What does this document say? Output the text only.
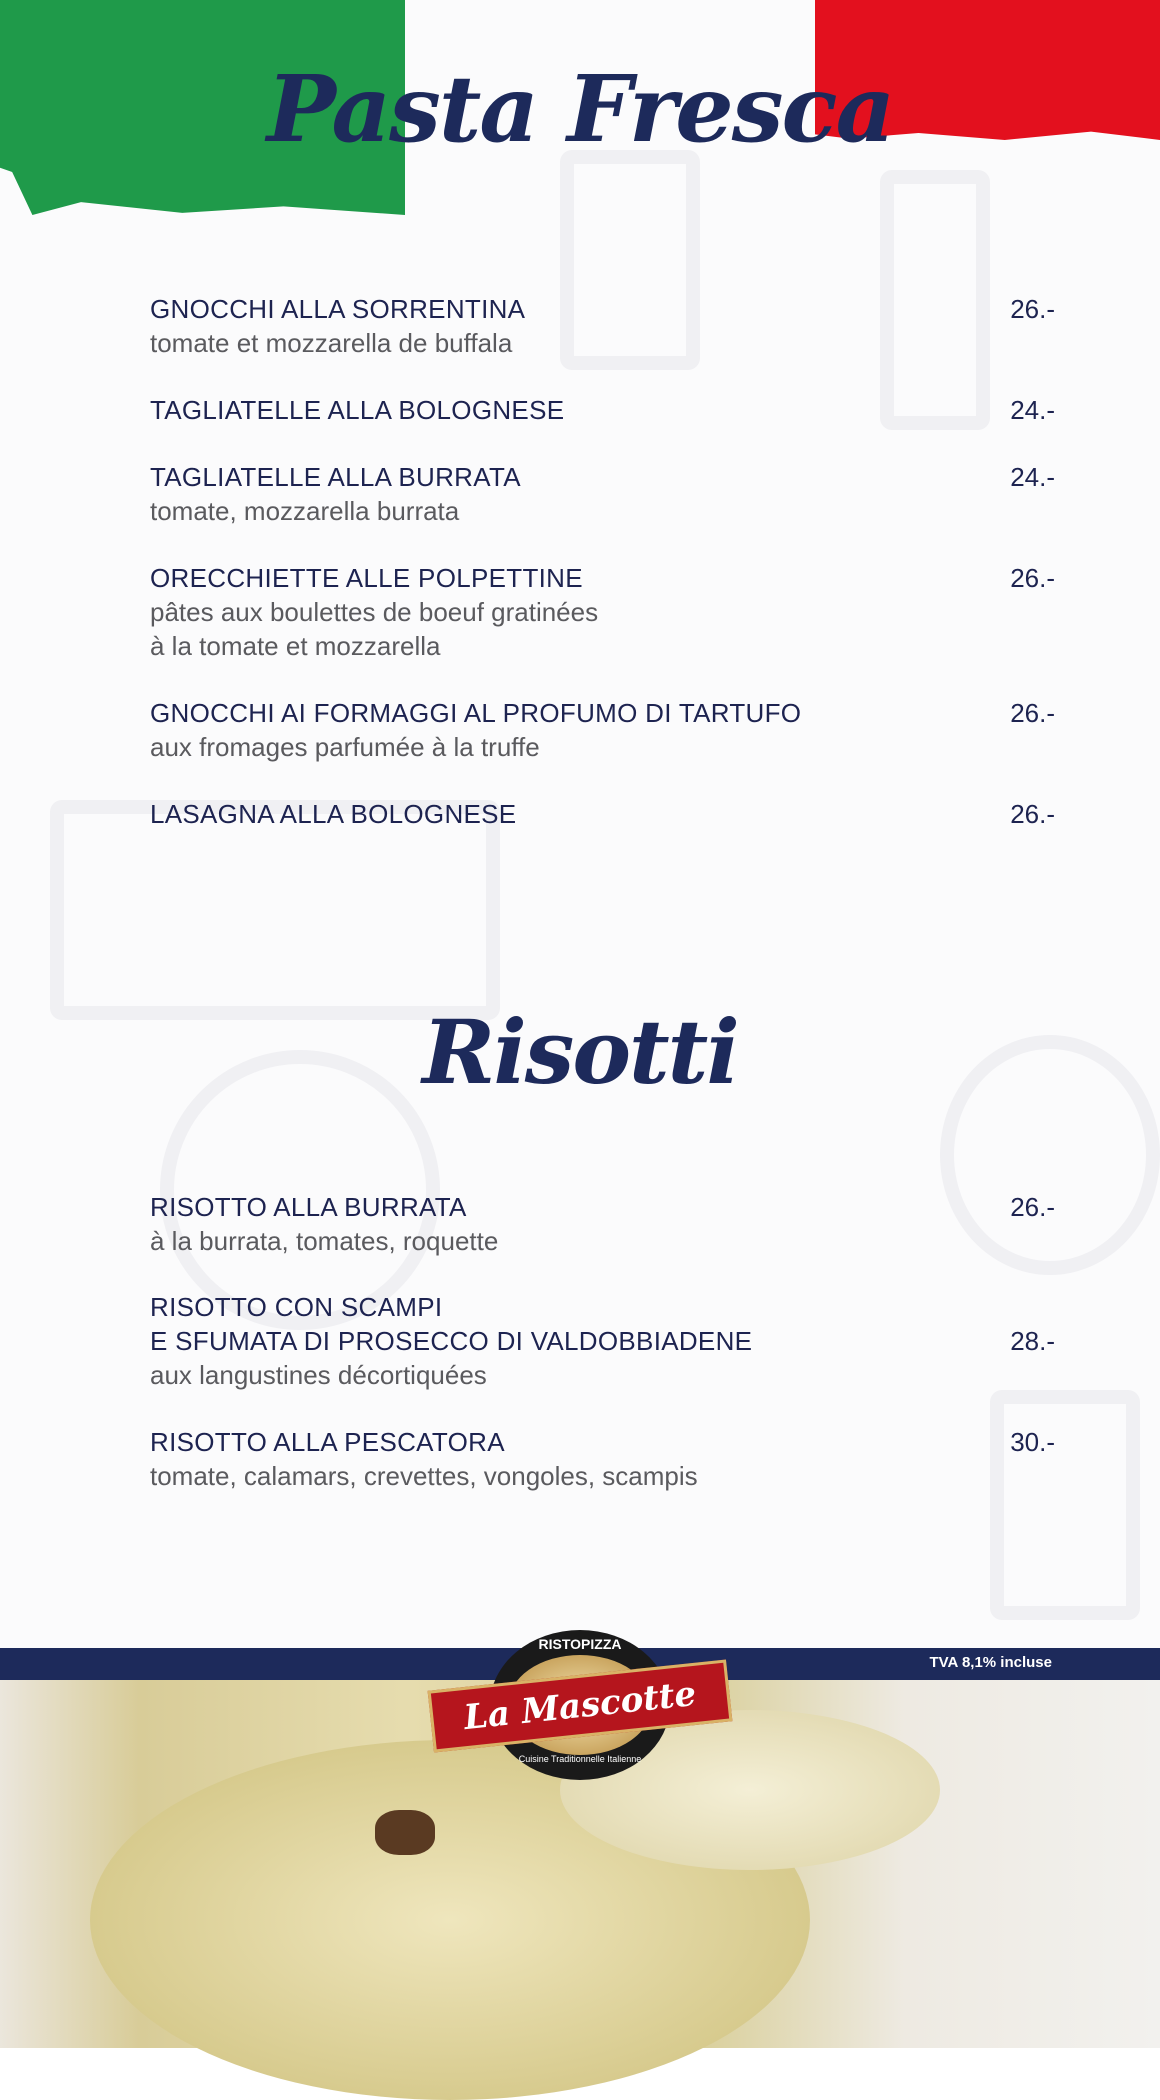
Pasta Fresca
GNOCCHI ALLA SORRENTINA
tomate et mozzarella de buffala
26.-
TAGLIATELLE ALLA BOLOGNESE	24.-
TAGLIATELLE ALLA BURRATA
tomate, mozzarella burrata
24.-
ORECCHIETTE ALLE POLPETTINE
pâtes aux boulettes de boeuf gratinées
à la tomate et mozzarella
26.-
GNOCCHI AI FORMAGGI AL PROFUMO DI TARTUFO
aux fromages parfumée à la truffe
26.-
LASAGNA ALLA BOLOGNESE	26.-
Risotti
RISOTTO ALLA BURRATA
à la burrata, tomates, roquette
26.-
RISOTTO CON SCAMPI
E SFUMATA DI PROSECCO DI VALDOBBIADENE
aux langustines décortiquées
28.-
RISOTTO ALLA PESCATORA
tomate, calamars, crevettes, vongoles, scampis
30.-
TVA 8,1% incluse
RISTOPIZZA
La Mascotte
Cuisine Traditionnelle Italienne
